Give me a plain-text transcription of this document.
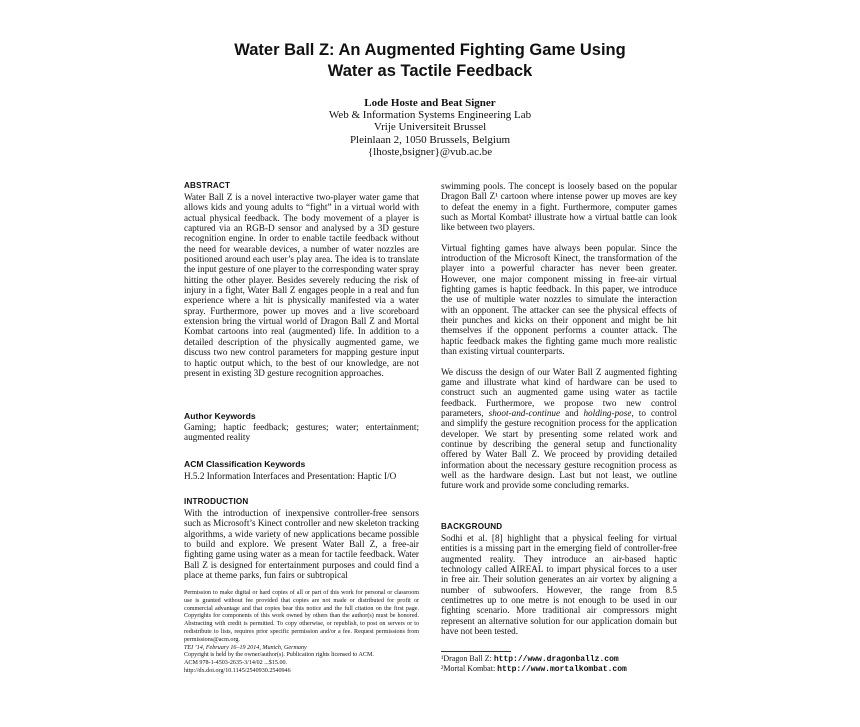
Water Ball Z: An Augmented Fighting Game Using
Water as Tactile Feedback
Lode Hoste and Beat Signer
Web & Information Systems Engineering Lab
Vrije Universiteit Brussel
Pleinlaan 2, 1050 Brussels, Belgium
{lhoste,bsigner}@vub.ac.be
ABSTRACT

Water Ball Z is a novel interactive two-player water game that allows kids and young adults to “fight” in a virtual world with actual physical feedback. The body movement of a player is captured via an RGB-D sensor and analysed by a 3D gesture recognition engine. In order to enable tactile feedback without the need for wearable devices, a number of water nozzles are positioned around each user’s play area. The idea is to translate the input gesture of one player to the corresponding water spray hitting the other player. Besides severely reducing the risk of injury in a fight, Water Ball Z engages people in a real and fun experience where a hit is physically manifested via a water spray. Furthermore, power up moves and a live scoreboard extension bring the virtual world of Dragon Ball Z and Mortal Kombat cartoons into real (augmented) life. In addition to a detailed description of the physically augmented game, we discuss two new control parameters for mapping gesture input to haptic output which, to the best of our knowledge, are not present in existing 3D gesture recognition approaches.

Author Keywords

Gaming; haptic feedback; gestures; water; entertainment; augmented reality

ACM Classification Keywords

H.5.2 Information Interfaces and Presentation: Haptic I/O

INTRODUCTION

With the introduction of inexpensive controller-free sensors such as Microsoft’s Kinect controller and new skeleton tracking algorithms, a wide variety of new applications became possible to build and explore. We present Water Ball Z, a free-air fighting game using water as a mean for tactile feedback. Water Ball Z is designed for entertainment purposes and could find a place at theme parks, fun fairs or subtropical

Permission to make digital or hard copies of all or part of this work for personal or classroom use is granted without fee provided that copies are not made or distributed for profit or commercial advantage and that copies bear this notice and the full citation on the first page. Copyrights for components of this work owned by others than the author(s) must be honored. Abstracting with credit is permitted. To copy otherwise, or republish, to post on servers or to redistribute to lists, requires prior specific permission and/or a fee. Request permissions from permissions@acm.org.
TEI ’14, February 16–19 2014, Munich, Germany
Copyright is held by the owner/author(s). Publication rights licensed to ACM.
ACM 978-1-4503-2635-3/14/02 ...$15.00.
http://dx.doi.org/10.1145/2540930.2540946

swimming pools. The concept is loosely based on the popular Dragon Ball Z¹ cartoon where intense power up moves are key to defeat the enemy in a fight. Furthermore, computer games such as Mortal Kombat² illustrate how a virtual battle can look like between two players.

Virtual fighting games have always been popular. Since the introduction of the Microsoft Kinect, the transformation of the player into a powerful character has never been greater. However, one major component missing in free-air virtual fighting games is haptic feedback. In this paper, we introduce the use of multiple water nozzles to simulate the interaction with an opponent. The attacker can see the physical effects of their punches and kicks on their opponent and might be hit themselves if the opponent performs a counter attack. The haptic feedback makes the fighting game much more realistic than existing virtual counterparts.

We discuss the design of our Water Ball Z augmented fighting game and illustrate what kind of hardware can be used to construct such an augmented game using water as tactile feedback. Furthermore, we propose two new control parameters, shoot-and-continue and holding-pose, to control and simplify the gesture recognition process for the application developer. We start by presenting some related work and continue by describing the general setup and functionality offered by Water Ball Z. We proceed by providing detailed information about the necessary gesture recognition process as well as the hardware design. Last but not least, we outline future work and provide some concluding remarks.

BACKGROUND

Sodhi et al. [8] highlight that a physical feeling for virtual entities is a missing part in the emerging field of controller-free augmented reality. They introduce an air-based haptic technology called AIREAL to impart physical forces to a user in free air. Their solution generates an air vortex by aligning a number of subwoofers. However, the range from 8.5 centimetres up to one metre is not enough to be used in our fighting scenario. More traditional air compressors might represent an alternative solution for our application domain but have not been tested.

¹Dragon Ball Z: http://www.dragonballz.com
²Mortal Kombat: http://www.mortalkombat.com
